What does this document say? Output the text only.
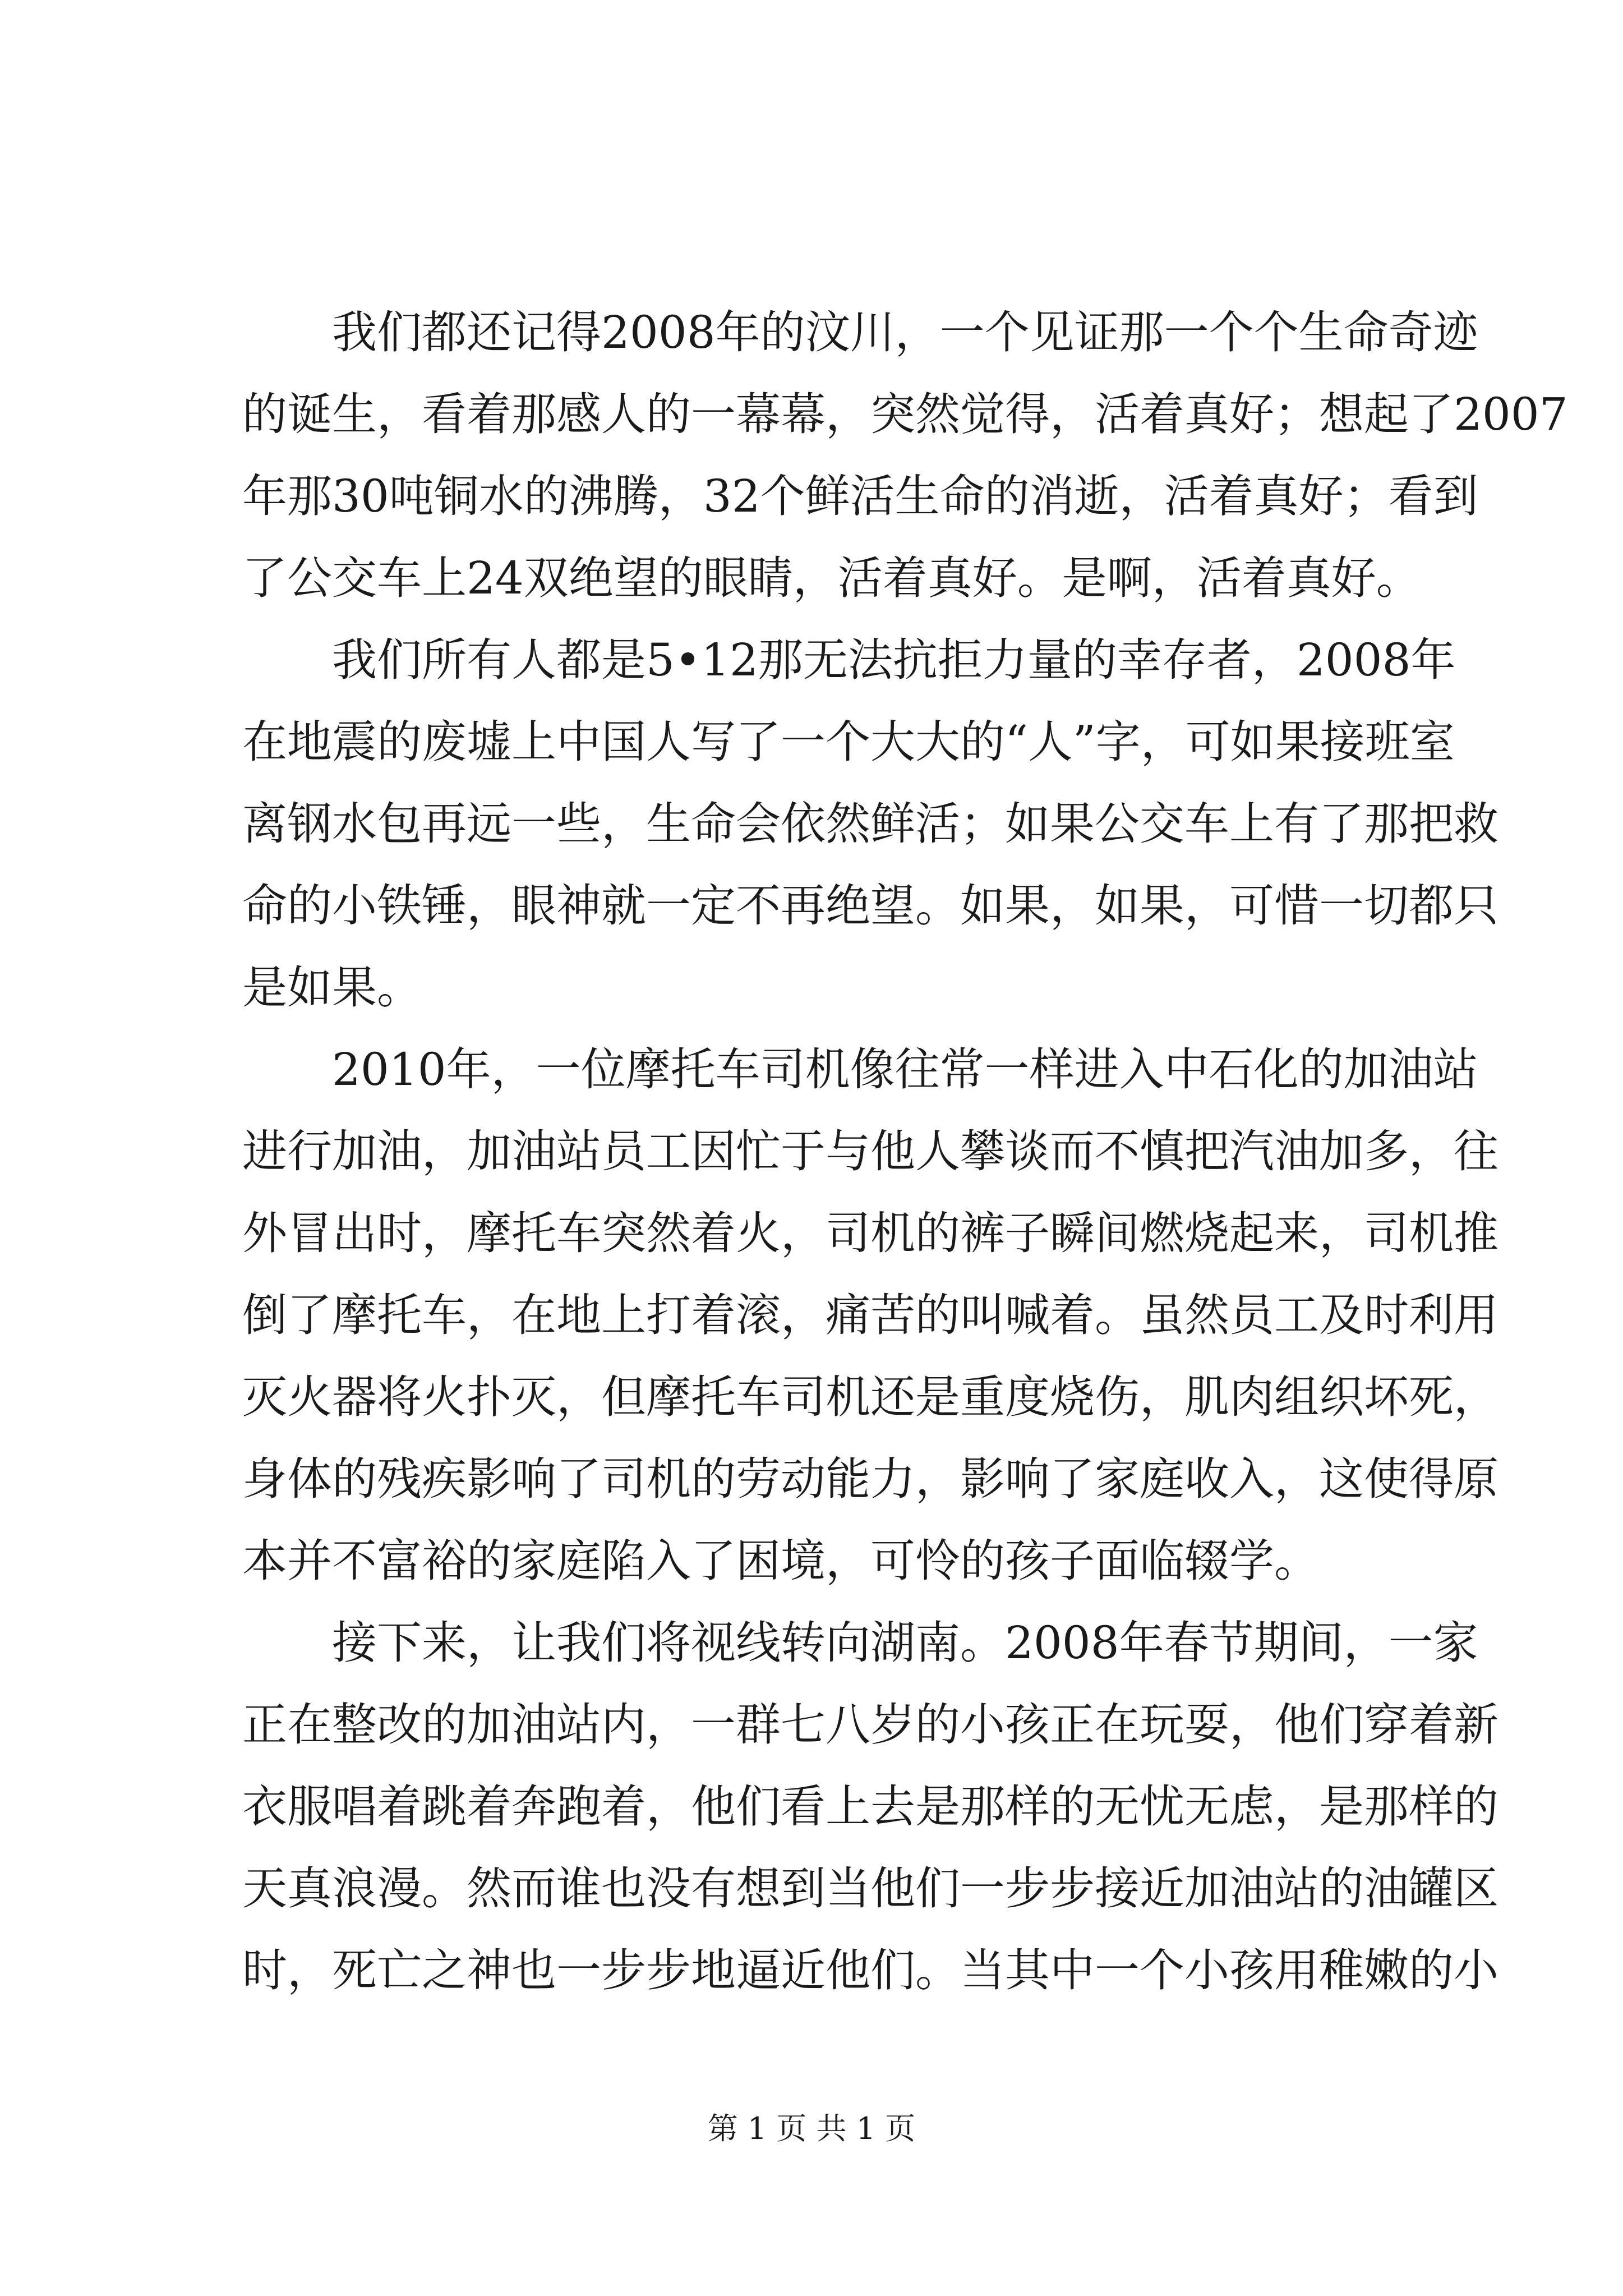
我们都还记得2008年的汶川，一个见证那一个个生命奇迹
的诞生，看着那感人的一幕幕，突然觉得，活着真好；想起了2007
年那30吨铜水的沸腾，32个鲜活生命的消逝，活着真好；看到
了公交车上24双绝望的眼睛，活着真好。是啊，活着真好。
我们所有人都是5•12那无法抗拒力量的幸存者，2008年
在地震的废墟上中国人写了一个大大的“人”字，可如果接班室
离钢水包再远一些，生命会依然鲜活；如果公交车上有了那把救
命的小铁锤，眼神就一定不再绝望。如果，如果，可惜一切都只
是如果。
2010年，一位摩托车司机像往常一样进入中石化的加油站
进行加油，加油站员工因忙于与他人攀谈而不慎把汽油加多，往
外冒出时，摩托车突然着火，司机的裤子瞬间燃烧起来，司机推
倒了摩托车，在地上打着滚，痛苦的叫喊着。虽然员工及时利用
灭火器将火扑灭，但摩托车司机还是重度烧伤，肌肉组织坏死，
身体的残疾影响了司机的劳动能力，影响了家庭收入，这使得原
本并不富裕的家庭陷入了困境，可怜的孩子面临辍学。
接下来，让我们将视线转向湖南。2008年春节期间，一家
正在整改的加油站内，一群七八岁的小孩正在玩耍，他们穿着新
衣服唱着跳着奔跑着，他们看上去是那样的无忧无虑，是那样的
天真浪漫。然而谁也没有想到当他们一步步接近加油站的油罐区
时，死亡之神也一步步地逼近他们。当其中一个小孩用稚嫩的小
第 1 页 共 1 页
